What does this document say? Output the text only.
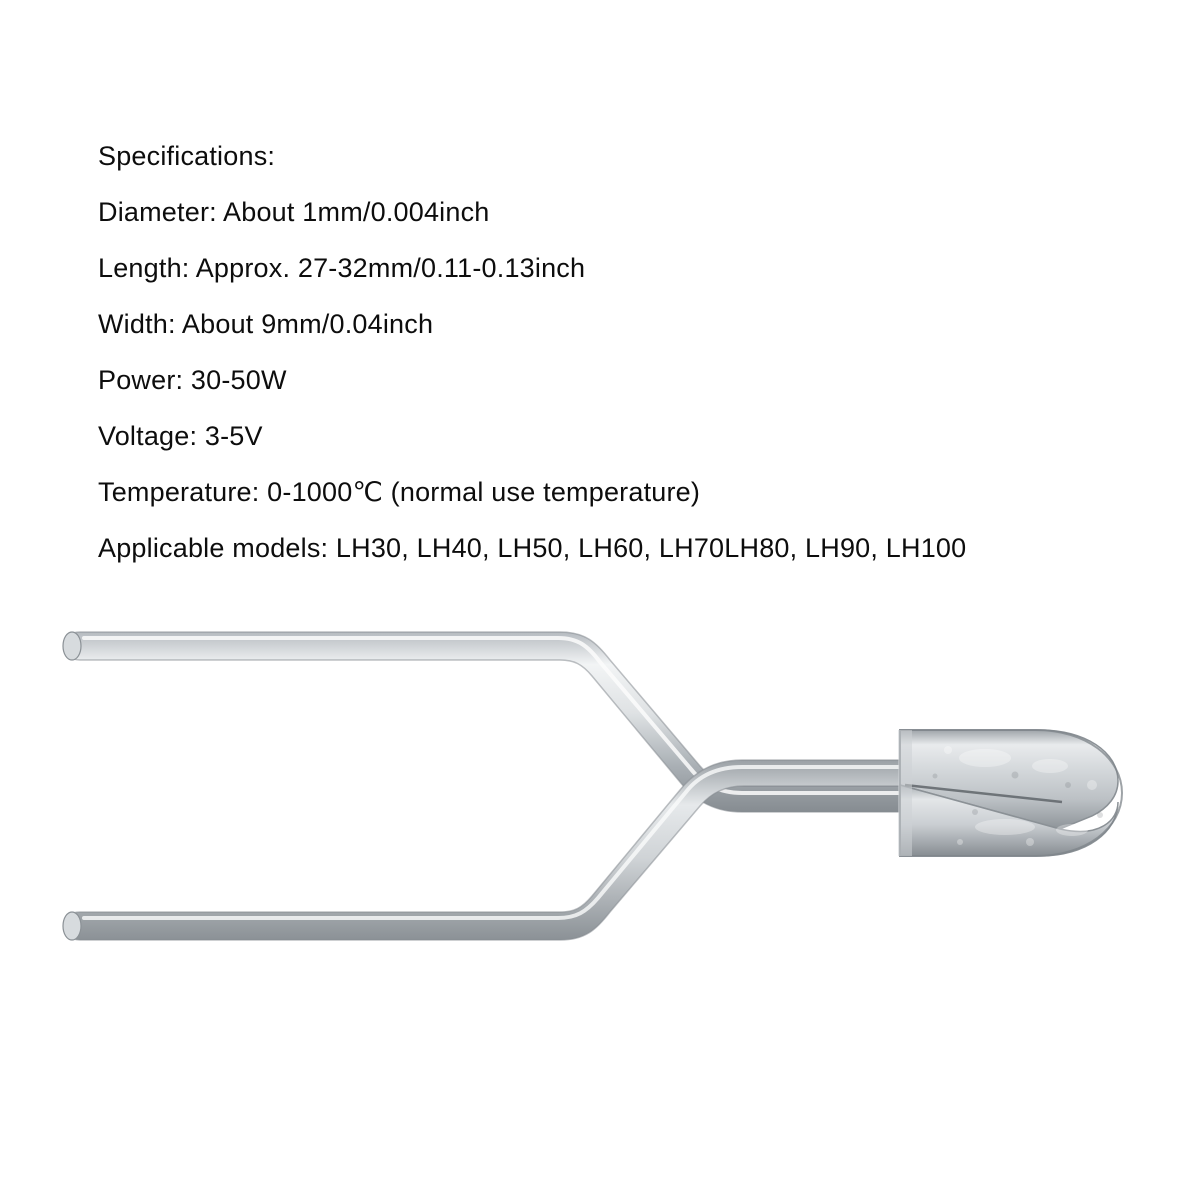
Specifications:
Diameter: About 1mm/0.004inch
Length: Approx. 27-32mm/0.11-0.13inch
Width: About 9mm/0.04inch
Power: 30-50W
Voltage: 3-5V
Temperature: 0-1000℃ (normal use temperature)
Applicable models: LH30, LH40, LH50, LH60, LH70LH80, LH90, LH100
